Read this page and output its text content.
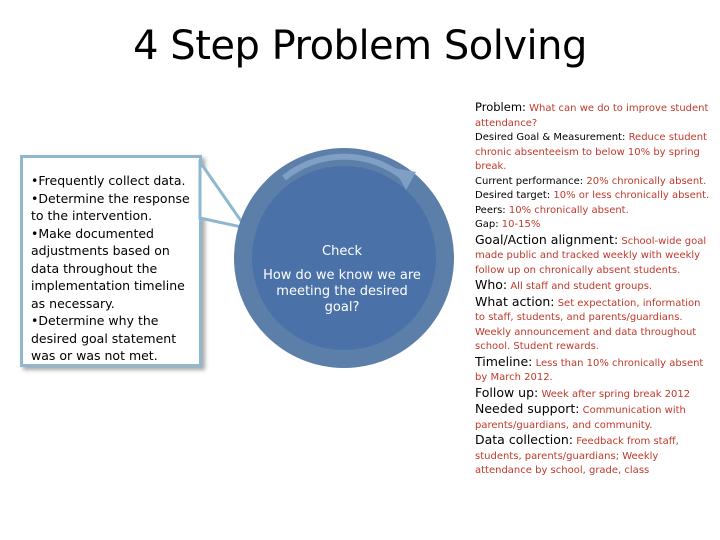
4 Step Problem Solving

•Frequently collect data.

•Determine the response to the intervention.

•Make documented adjustments based on data throughout the implementation timeline as necessary.

•Determine why the desired goal statement was or was not met.

Check
How do we know we are meeting the desired goal?

Problem: What can we do to improve student attendance?

Desired Goal & Measurement: Reduce student chronic absenteeism to below 10% by spring break.

Current performance: 20% chronically absent.

Desired target: 10% or less chronically absent.

Peers: 10% chronically absent.

Gap: 10-15%

Goal/Action alignment: School-wide goal made public and tracked weekly with weekly follow up on chronically absent students.

Who: All staff and student groups.

What action: Set expectation, information to staff, students, and parents/guardians. Weekly announcement and data throughout school. Student rewards.

Timeline: Less than 10% chronically absent by March 2012.

Follow up: Week after spring break 2012

Needed support: Communication with parents/guardians, and community.

Data collection: Feedback from staff, students, parents/guardians; Weekly attendance by school, grade, class
